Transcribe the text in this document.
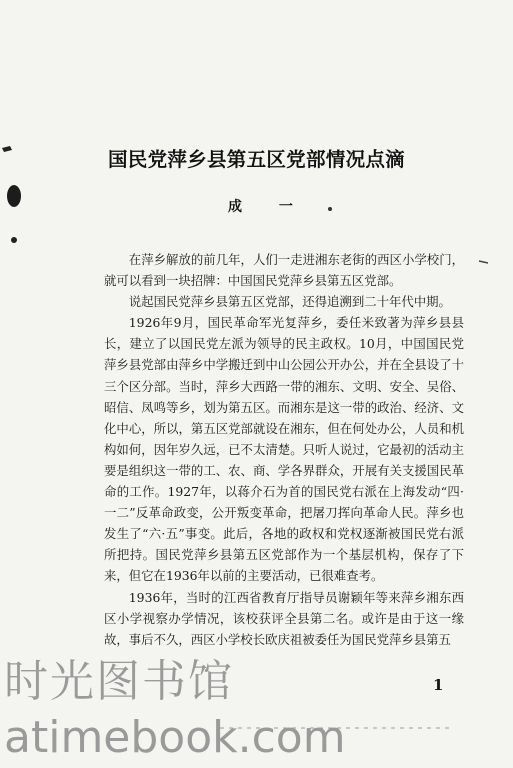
国民党萍乡县第五区党部情况点滴
成 一

在萍乡解放的前几年，人们一走进湘东老街的西区小学校门，就可以看到一块招牌：中国国民党萍乡县第五区党部。

说起国民党萍乡县第五区党部，还得追溯到二十年代中期。

1926年9月，国民革命军光复萍乡，委任米致著为萍乡县县长，建立了以国民党左派为领导的民主政权。10月，中国国民党萍乡县党部由萍乡中学搬迁到中山公园公开办公，并在全县设了十三个区分部。当时，萍乡大西路一带的湘东、文明、安全、吴俗、昭信、凤鸣等乡，划为第五区。而湘东是这一带的政治、经济、文化中心，所以，第五区党部就设在湘东，但在何处办公，人员和机构如何，因年岁久远，已不太清楚。只听人说过，它最初的活动主要是组织这一带的工、农、商、学各界群众，开展有关支援国民革命的工作。1927年，以蒋介石为首的国民党右派在上海发动“四·一二”反革命政变，公开叛变革命，把屠刀挥向革命人民。萍乡也发生了“六·五”事变。此后，各地的政权和党权逐渐被国民党右派所把持。国民党萍乡县第五区党部作为一个基层机构，保存了下来，但它在1936年以前的主要活动，已很难查考。

1936年，当时的江西省教育厅指导员谢颖年等来萍乡湘东西区小学视察办学情况，该校获评全县第二名。或许是由于这一缘故，事后不久，西区小学校长欧庆祖被委任为国民党萍乡县第五

1
时光图书馆
atimebook.com
